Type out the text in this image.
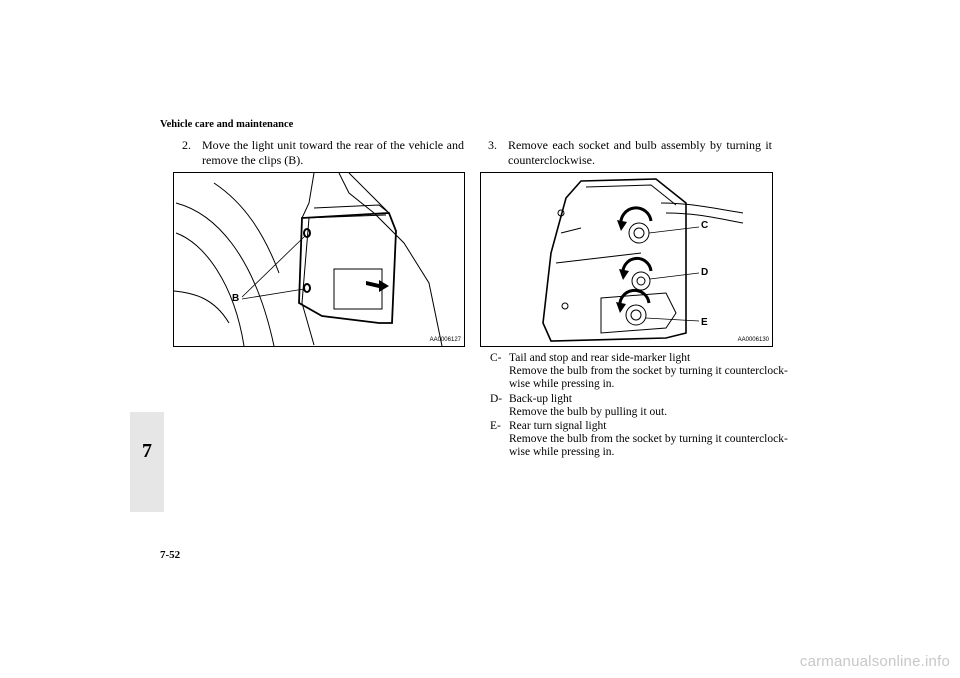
Vehicle care and maintenance
2. Move the light unit toward the rear of the vehicle and
remove the clips (B).
3. Remove each socket and bulb assembly by turning it
counterclockwise.
B
AA0006127
C
D
E
AA0006130
C- Tail and stop and rear side-marker light
Remove the bulb from the socket by turning it counterclock-
wise while pressing in.
D- Back-up light
Remove the bulb by pulling it out.
E- Rear turn signal light
Remove the bulb from the socket by turning it counterclock-
wise while pressing in.
7
7-52
carmanualsonline.info
